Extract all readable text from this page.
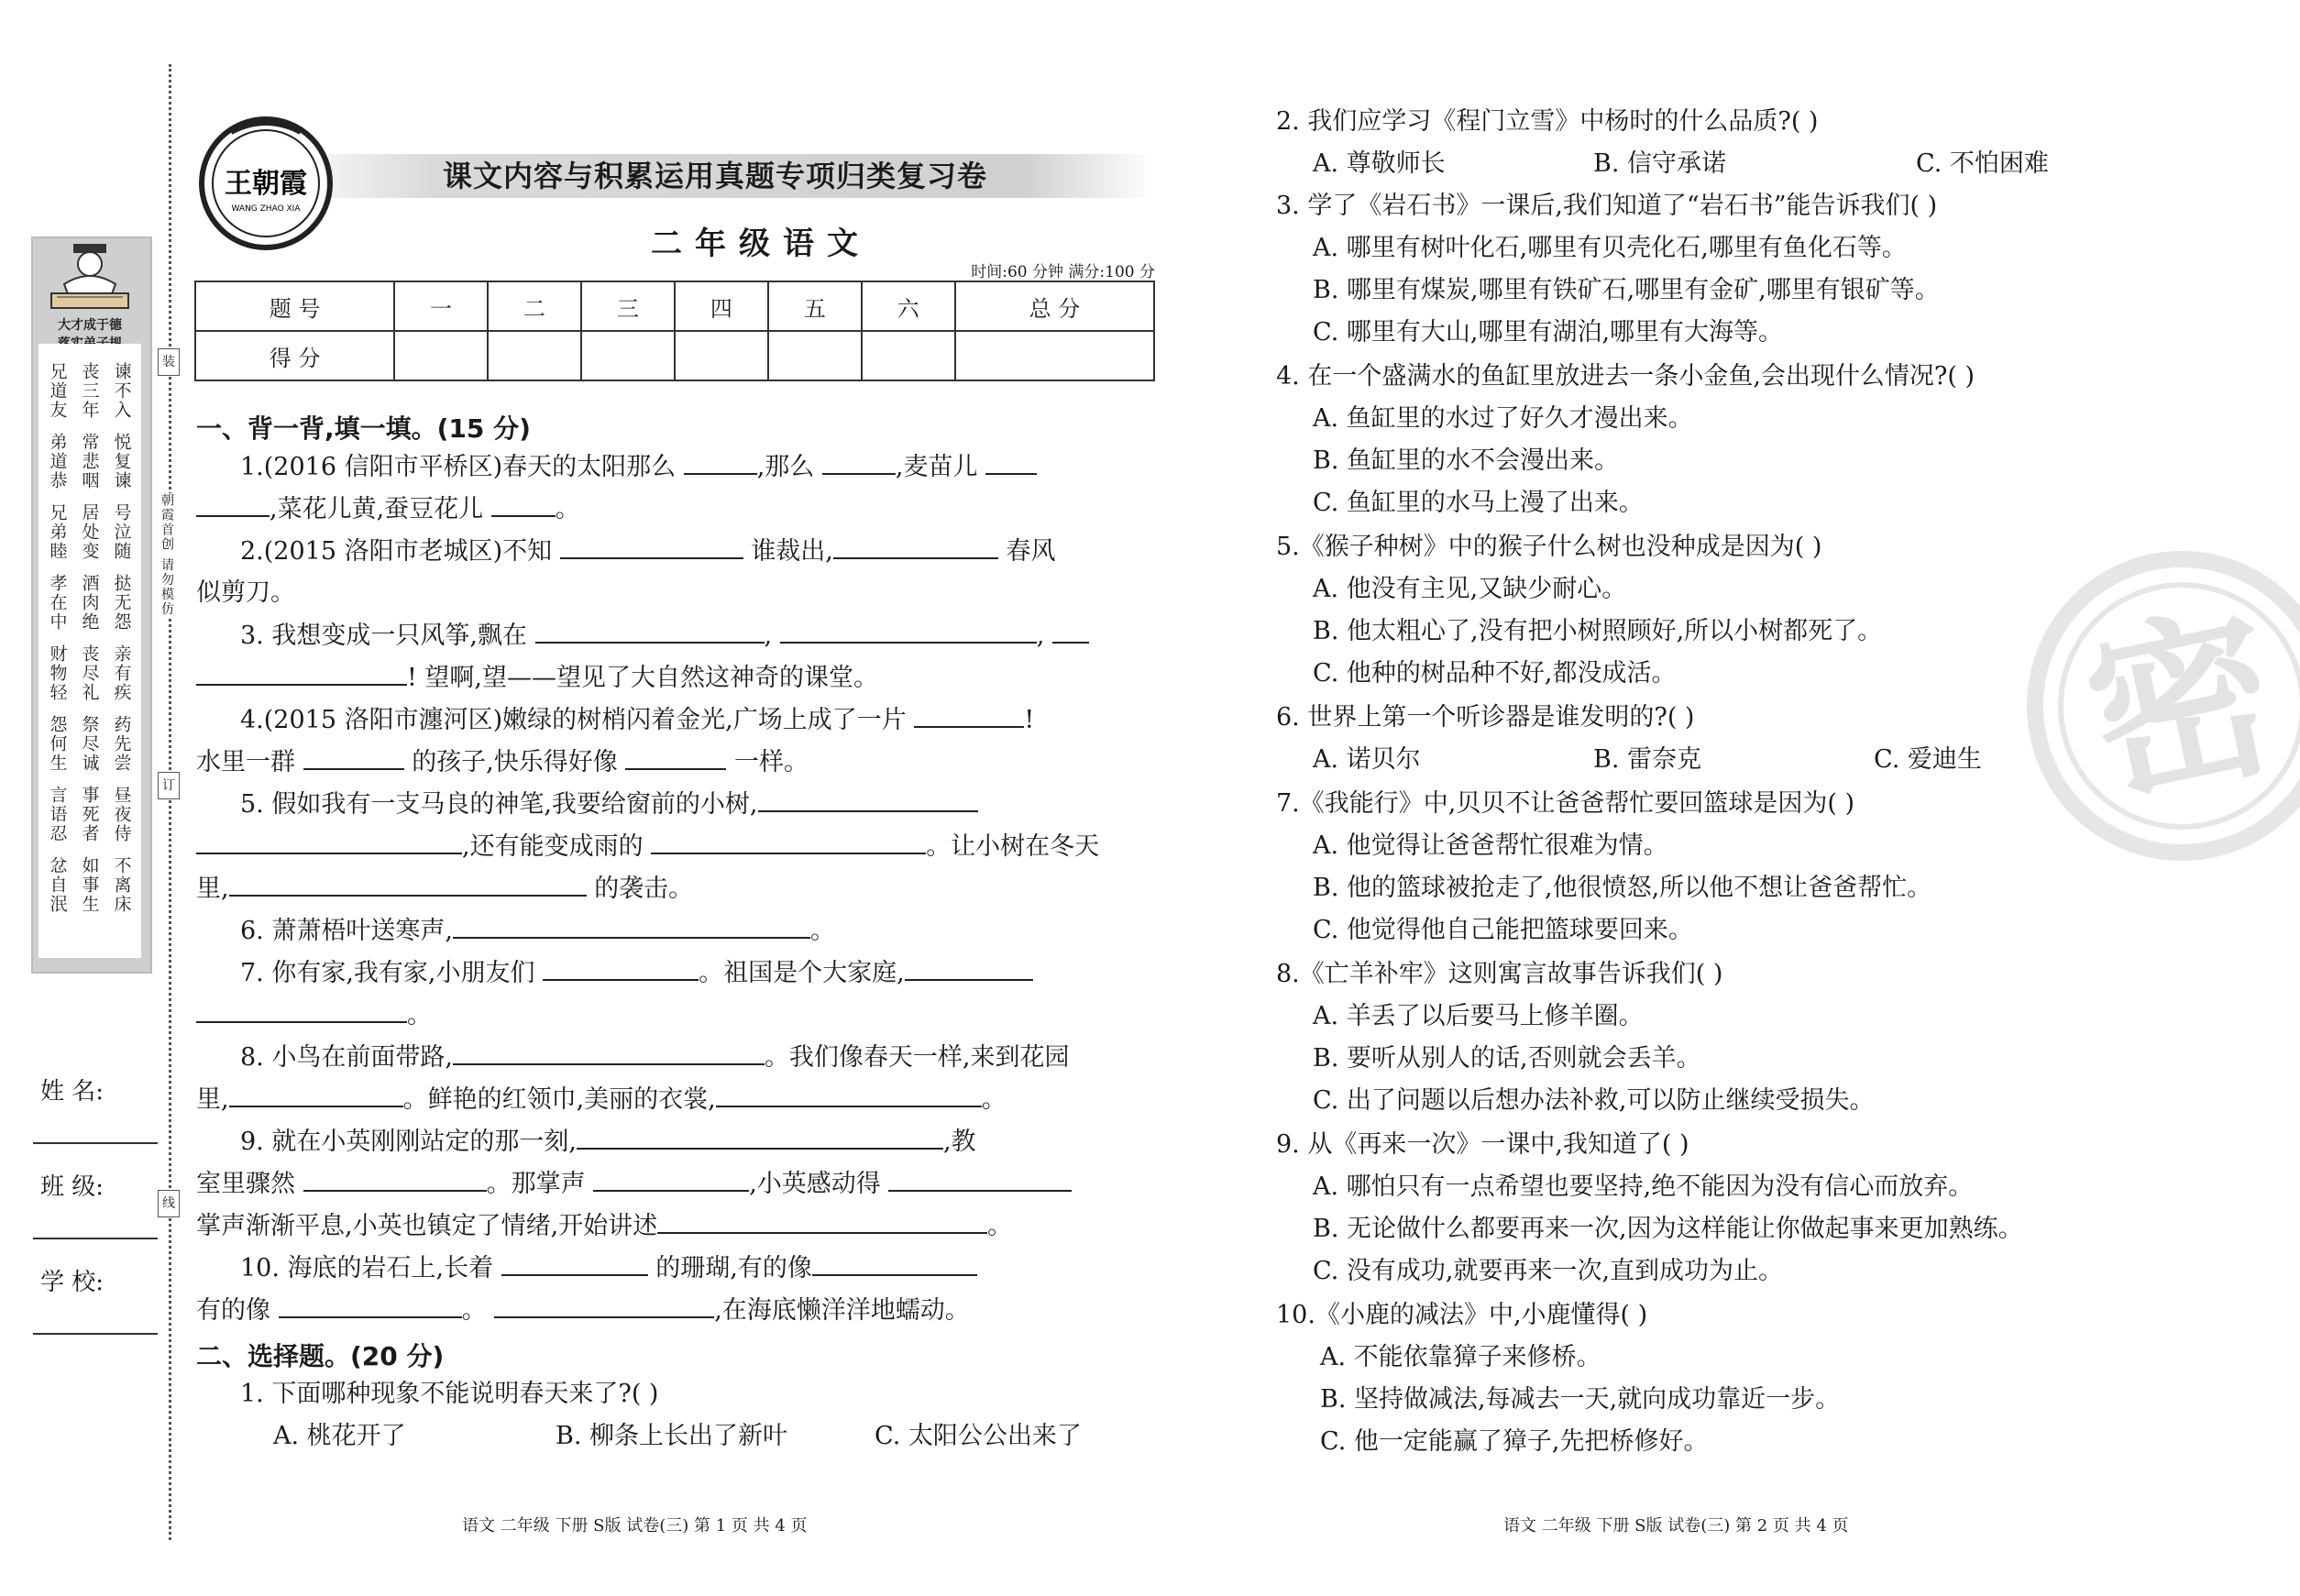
大才成于德
谏不入
丧三年
兄道友
悦复谏
常悲咽
弟道恭
号泣随
居处变
兄弟睦
挞无怨
酒肉绝
孝在中
亲有疾
丧尽礼
财物轻
药先尝
祭尽诚
怨何生
昼夜侍
事死者
言语忍
不离床
如事生
忿自泯
装
订
线
朝霞首创 请勿模仿
姓 名:
班 级:
学 校:
王朝霞
WANG ZHAO XIA
课文内容与积累运用真题专项归类复习卷
二年级语文
时间:60 分钟 满分:100 分
题 号	一	二	三	四	五	六	总 分
得 分							
一、背一背,填一填。(15 分)
1.(2016 信阳市平桥区)春天的太阳那么	,那么	,麦苗儿
,菜花儿黄,蚕豆花儿	。
2.(2015 洛阳市老城区)不知	谁裁出,	春风
似剪刀。
3. 我想变成一只风筝,飘在	,	,
! 望啊,望——望见了大自然这神奇的课堂。
4.(2015 洛阳市瀍河区)嫩绿的树梢闪着金光,广场上成了一片	!
水里一群	的孩子,快乐得好像	一样。
5. 假如我有一支马良的神笔,我要给窗前的小树,
,还有能变成雨的	。让小树在冬天
里,	的袭击。
6. 萧萧梧叶送寒声,	。
7. 你有家,我有家,小朋友们	。祖国是个大家庭,
。
8. 小鸟在前面带路,	。我们像春天一样,来到花园
里,	。鲜艳的红领巾,美丽的衣裳,	。
9. 就在小英刚刚站定的那一刻,	,教
室里骤然	。那掌声	,小英感动得
掌声渐渐平息,小英也镇定了情绪,开始讲述	。
10. 海底的岩石上,长着	的珊瑚,有的像
有的像	。	,在海底懒洋洋地蠕动。
二、选择题。(20 分)
1. 下面哪种现象不能说明春天来了?( )
A. 桃花开了	B. 柳条上长出了新叶	C. 太阳公公出来了
语文 二年级 下册 S版 试卷(三) 第 1 页 共 4 页
密
2. 我们应学习《程门立雪》中杨时的什么品质?( )
A. 尊敬师长	B. 信守承诺	C. 不怕困难
3. 学了《岩石书》一课后,我们知道了“岩石书”能告诉我们( )
A. 哪里有树叶化石,哪里有贝壳化石,哪里有鱼化石等。
B. 哪里有煤炭,哪里有铁矿石,哪里有金矿,哪里有银矿等。
C. 哪里有大山,哪里有湖泊,哪里有大海等。
4. 在一个盛满水的鱼缸里放进去一条小金鱼,会出现什么情况?( )
A. 鱼缸里的水过了好久才漫出来。
B. 鱼缸里的水不会漫出来。
C. 鱼缸里的水马上漫了出来。
5.《猴子种树》中的猴子什么树也没种成是因为( )
A. 他没有主见,又缺少耐心。
B. 他太粗心了,没有把小树照顾好,所以小树都死了。
C. 他种的树品种不好,都没成活。
6. 世界上第一个听诊器是谁发明的?( )
A. 诺贝尔	B. 雷奈克	C. 爱迪生
7.《我能行》中,贝贝不让爸爸帮忙要回篮球是因为( )
A. 他觉得让爸爸帮忙很难为情。
B. 他的篮球被抢走了,他很愤怒,所以他不想让爸爸帮忙。
C. 他觉得他自己能把篮球要回来。
8.《亡羊补牢》这则寓言故事告诉我们( )
A. 羊丢了以后要马上修羊圈。
B. 要听从别人的话,否则就会丢羊。
C. 出了问题以后想办法补救,可以防止继续受损失。
9. 从《再来一次》一课中,我知道了( )
A. 哪怕只有一点希望也要坚持,绝不能因为没有信心而放弃。
B. 无论做什么都要再来一次,因为这样能让你做起事来更加熟练。
C. 没有成功,就要再来一次,直到成功为止。
10.《小鹿的减法》中,小鹿懂得( )
A. 不能依靠獐子来修桥。
B. 坚持做减法,每减去一天,就向成功靠近一步。
C. 他一定能赢了獐子,先把桥修好。
语文 二年级 下册 S版 试卷(三) 第 2 页 共 4 页
